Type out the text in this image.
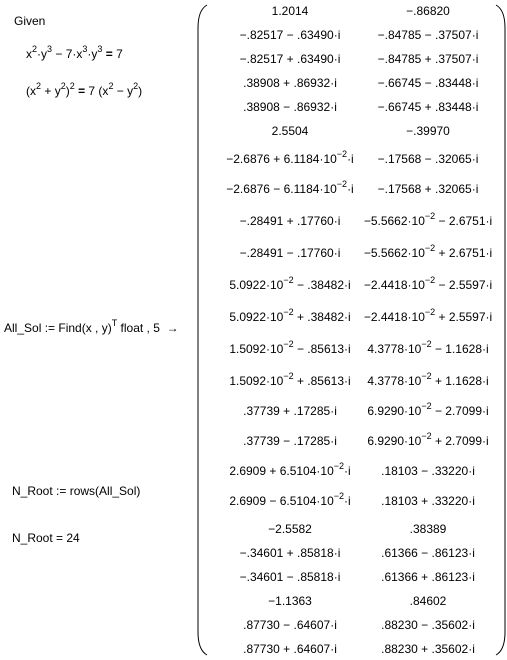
Given
$x^2\cdot y^3 - 7\cdot x^3\cdot y^3 = 7$
$(x^2 + y^2)^2 = 7$ $(x^2 - y^2)$
All_Sol := Find(x , y)$^T$ float , 5  →
N_Root := rows(All_Sol)
N_Root = 24
1.2014	−.86820
−.82517 − .63490·i	−.84785 − .37507·i
−.82517 + .63490·i	−.84785 + .37507·i
.38908 + .86932·i	−.66745 − .83448·i
.38908 − .86932·i	−.66745 + .83448·i
2.5504	−.39970
$-2.6876 + 6.1184\cdot 10^{-2}\cdot i$	−.17568 − .32065·i
$-2.6876 - 6.1184\cdot 10^{-2}\cdot i$	−.17568 + .32065·i
−.28491 + .17760·i	$-5.5662\cdot 10^{-2} - 2.6751\cdot i$
−.28491 − .17760·i	$-5.5662\cdot 10^{-2} + 2.6751\cdot i$
$5.0922\cdot 10^{-2} - .38482\cdot i$	$-2.4418\cdot 10^{-2} - 2.5597\cdot i$
$5.0922\cdot 10^{-2} + .38482\cdot i$	$-2.4418\cdot 10^{-2} + 2.5597\cdot i$
$1.5092\cdot 10^{-2} - .85613\cdot i$	$4.3778\cdot 10^{-2} - 1.1628\cdot i$
$1.5092\cdot 10^{-2} + .85613\cdot i$	$4.3778\cdot 10^{-2} + 1.1628\cdot i$
.37739 + .17285·i	$6.9290\cdot 10^{-2} - 2.7099\cdot i$
.37739 − .17285·i	$6.9290\cdot 10^{-2} + 2.7099\cdot i$
$2.6909 + 6.5104\cdot 10^{-2}\cdot i$	.18103 − .33220·i
$2.6909 - 6.5104\cdot 10^{-2}\cdot i$	.18103 + .33220·i
−2.5582	.38389
−.34601 + .85818·i	.61366 − .86123·i
−.34601 − .85818·i	.61366 + .86123·i
−1.1363	.84602
.87730 − .64607·i	.88230 − .35602·i
.87730 + .64607·i	.88230 + .35602·i
